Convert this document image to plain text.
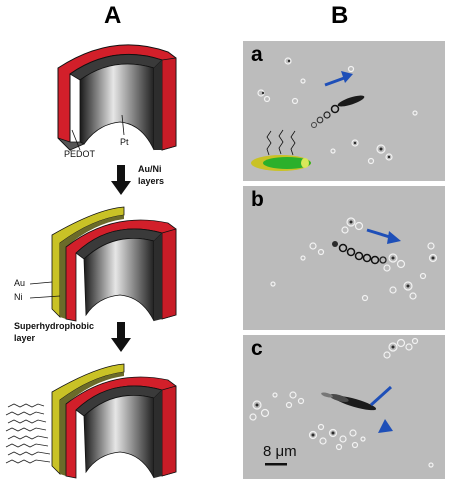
A	B
PEDOT
Pt
Au/Ni
layers
Au
Ni
Superhydrophobic
layer
a
b
c
8 μm
